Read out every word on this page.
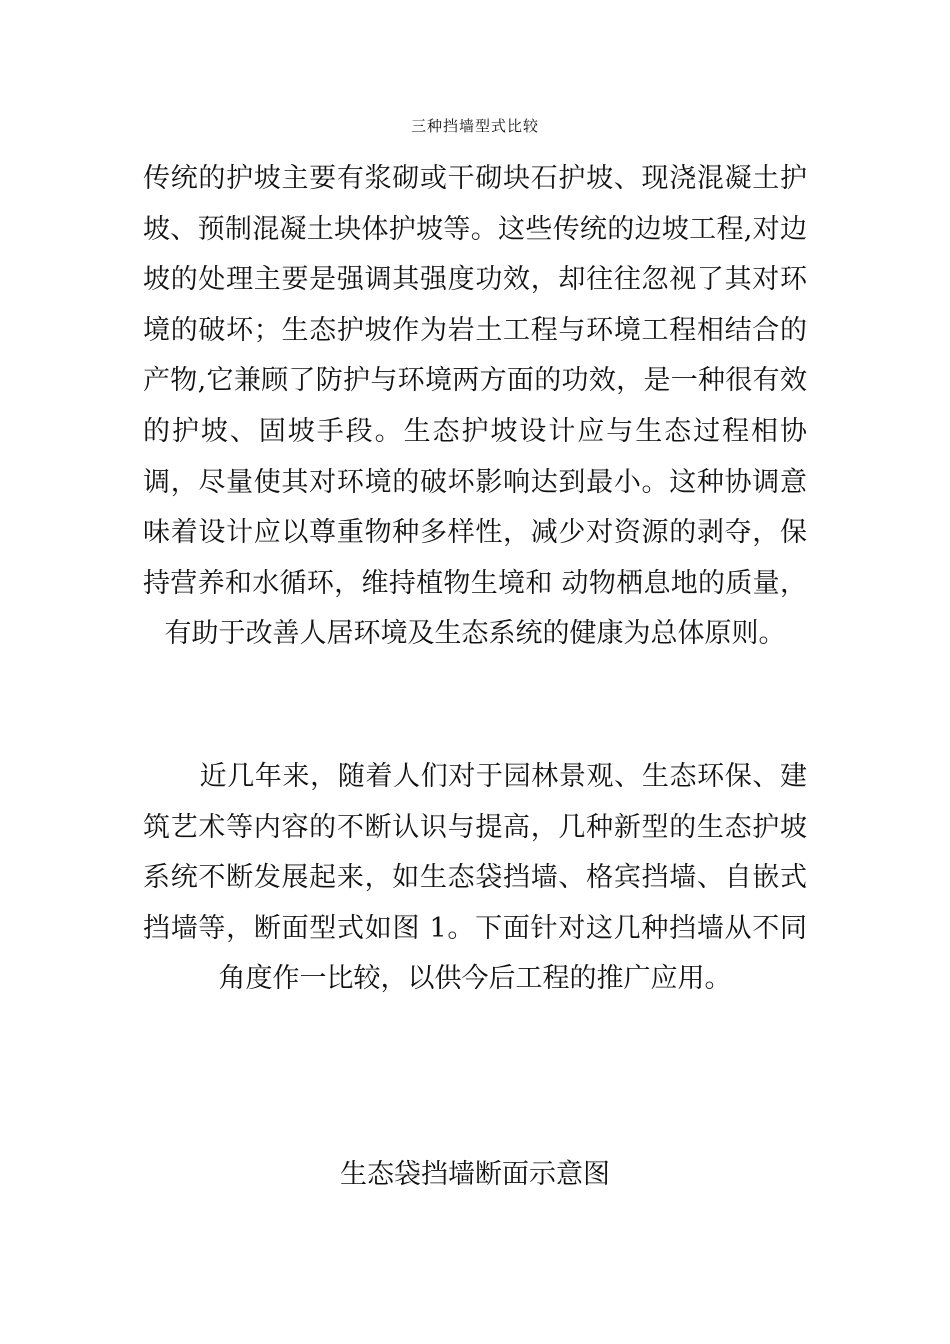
三种挡墙型式比较

传统的护坡主要有浆砌或干砌块石护坡、现浇混凝土护坡、预制混凝土块体护坡等。这些传统的边坡工程,对边坡的处理主要是强调其强度功效，却往往忽视了其对环境的破坏；生态护坡作为岩土工程与环境工程相结合的产物,它兼顾了防护与环境两方面的功效，是一种很有效的护坡、固坡手段。生态护坡设计应与生态过程相协调，尽量使其对环境的破坏影响达到最小。这种协调意味着设计应以尊重物种多样性，减少对资源的剥夺，保持营养和水循环，维持植物生境和 动物栖息地的质量，有助于改善人居环境及生态系统的健康为总体原则。

近几年来，随着人们对于园林景观、生态环保、建筑艺术等内容的不断认识与提高，几种新型的生态护坡系统不断发展起来，如生态袋挡墙、格宾挡墙、自嵌式挡墙等，断面型式如图 1。下面针对这几种挡墙从不同角度作一比较，以供今后工程的推广应用。

生态袋挡墙断面示意图
